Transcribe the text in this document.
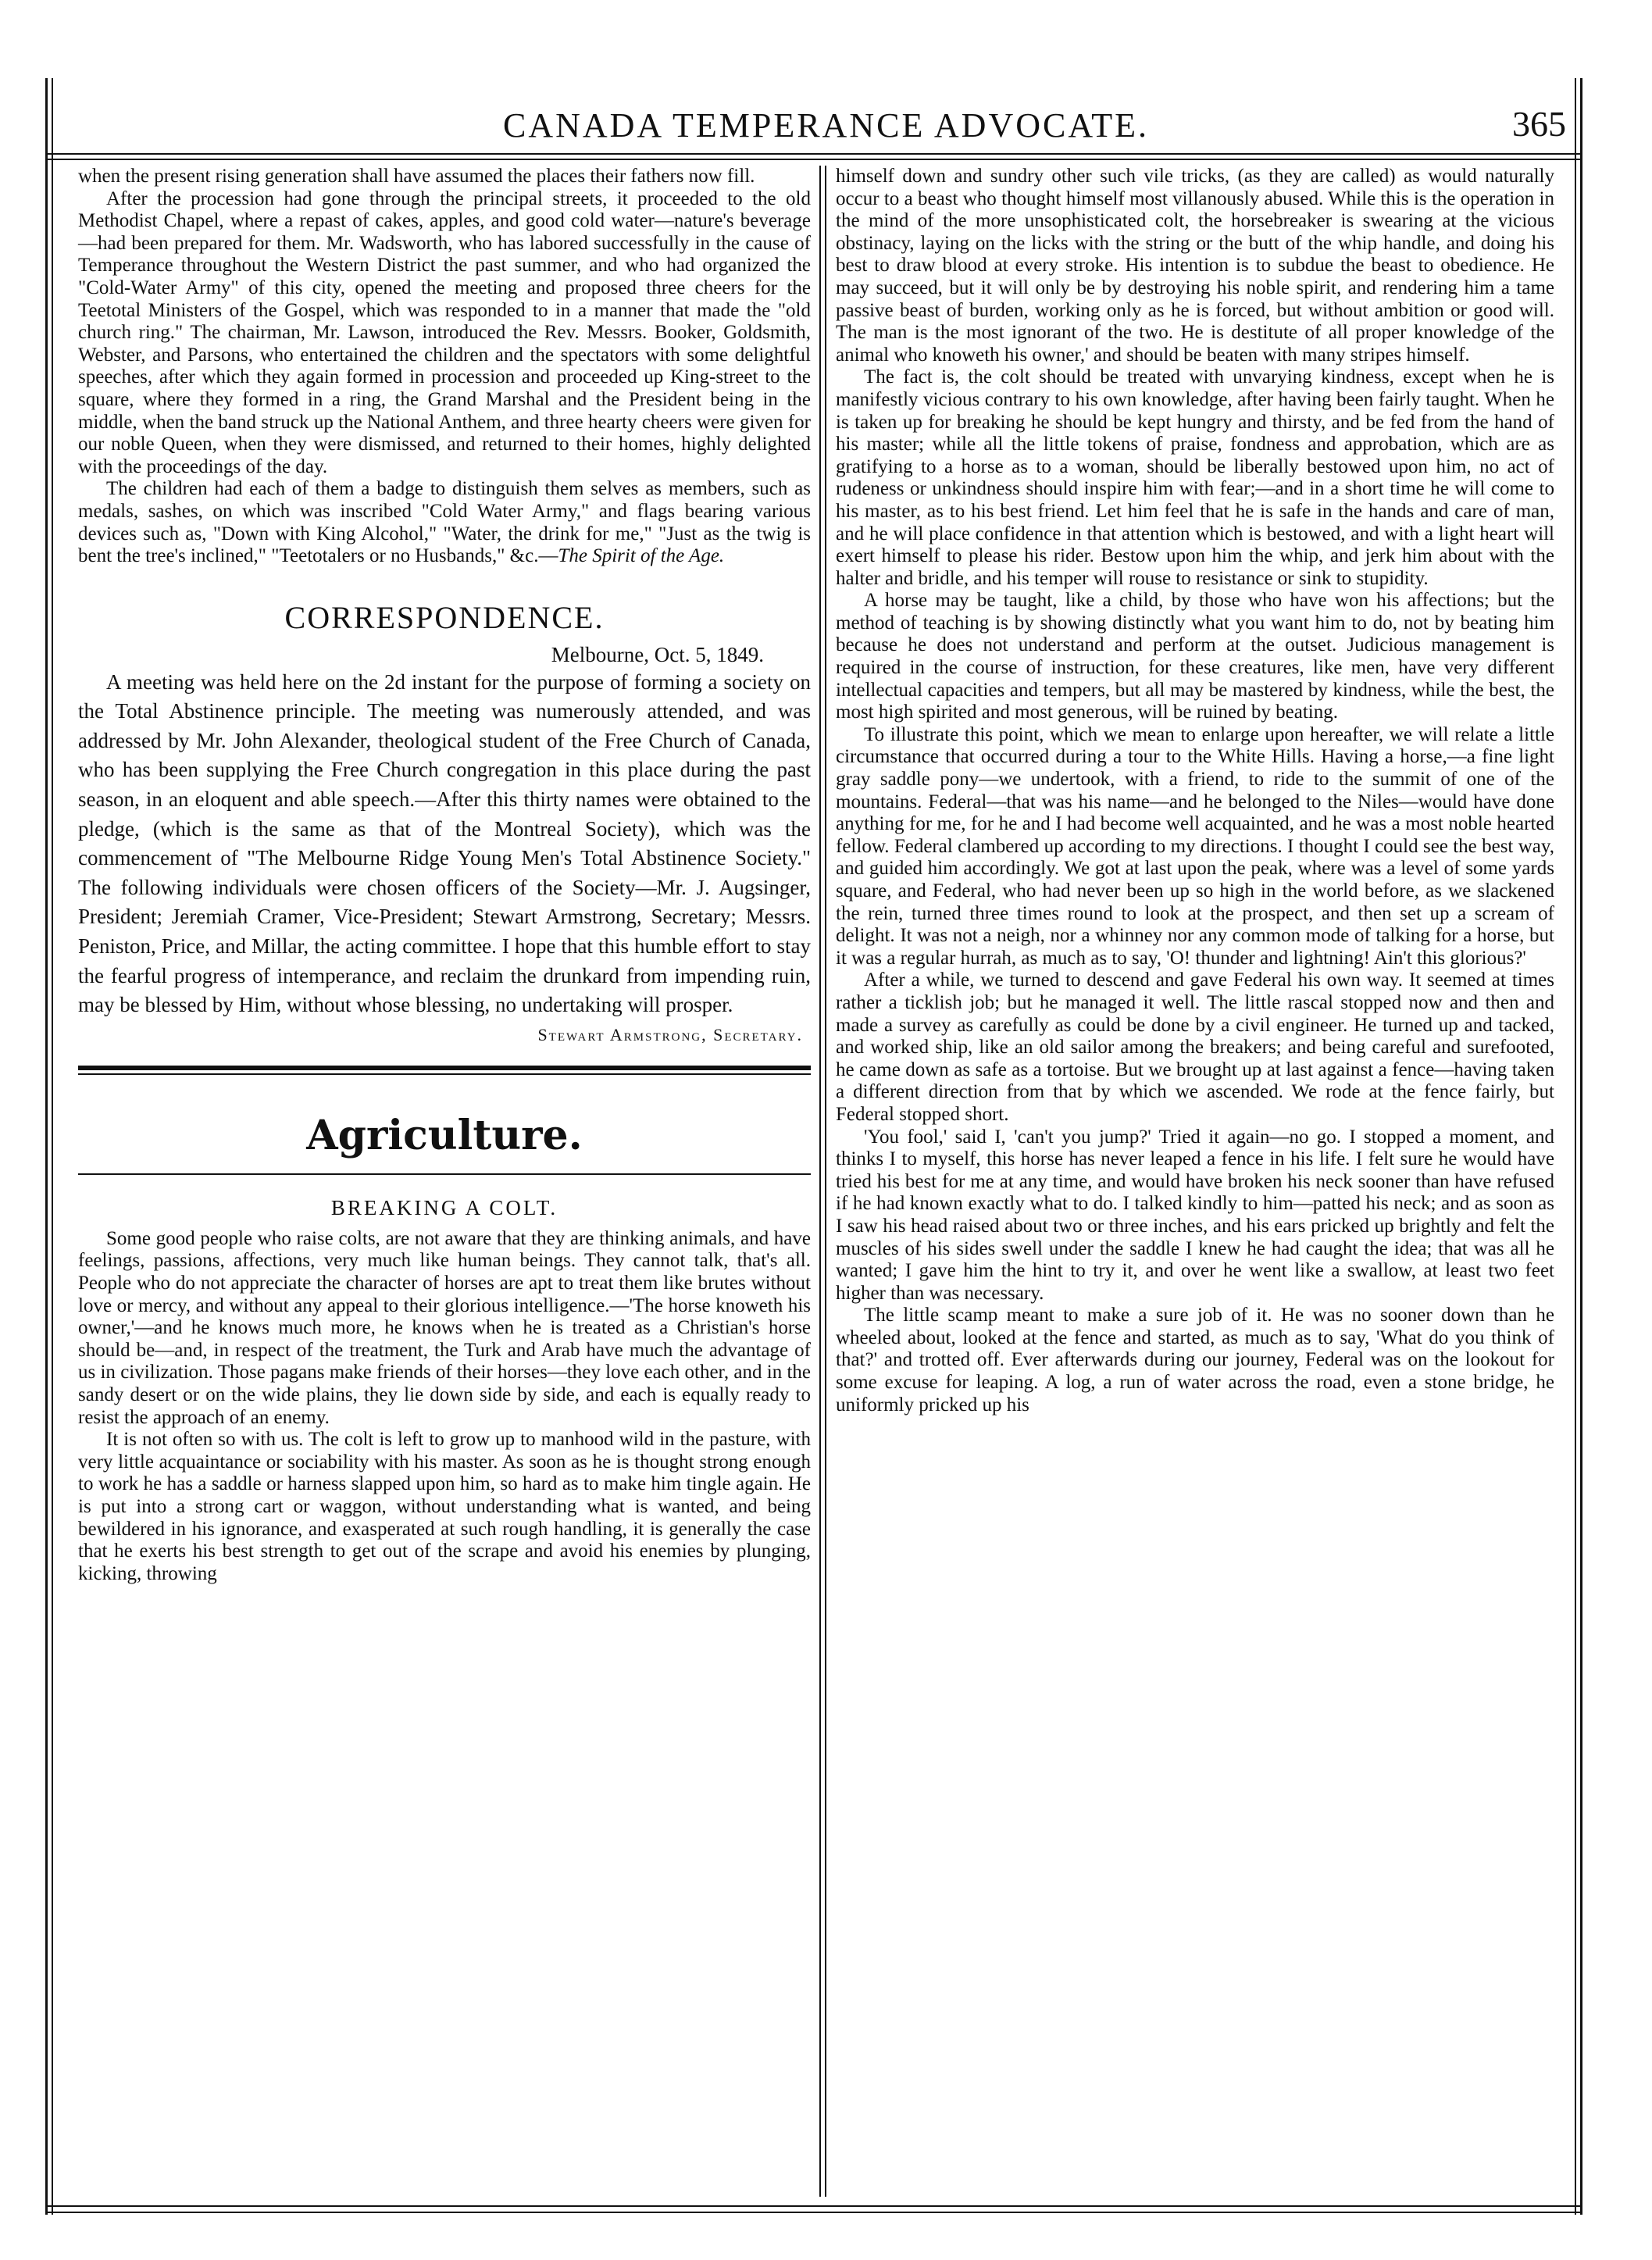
CANADA TEMPERANCE ADVOCATE.	365

when the present rising generation shall have assumed the places their fathers now fill.

After the procession had gone through the principal streets, it proceeded to the old Methodist Chapel, where a repast of cakes, apples, and good cold water—nature's beverage—had been prepared for them. Mr. Wadsworth, who has labored successfully in the cause of Temperance throughout the Western District the past summer, and who had organized the "Cold-Water Army" of this city, opened the meeting and proposed three cheers for the Teetotal Ministers of the Gospel, which was responded to in a manner that made the "old church ring." The chairman, Mr. Lawson, introduced the Rev. Messrs. Booker, Goldsmith, Webster, and Parsons, who entertained the children and the spectators with some delightful speeches, after which they again formed in procession and proceeded up King-street to the square, where they formed in a ring, the Grand Marshal and the President being in the middle, when the band struck up the National Anthem, and three hearty cheers were given for our noble Queen, when they were dismissed, and returned to their homes, highly delighted with the proceedings of the day.

The children had each of them a badge to distinguish them selves as members, such as medals, sashes, on which was inscribed "Cold Water Army," and flags bearing various devices such as, "Down with King Alcohol," "Water, the drink for me," "Just as the twig is bent the tree's inclined," "Teetotalers or no Husbands," &c.—The Spirit of the Age.

CORRESPONDENCE.
Melbourne, Oct. 5, 1849.

A meeting was held here on the 2d instant for the purpose of forming a society on the Total Abstinence principle. The meeting was numerously attended, and was addressed by Mr. John Alexander, theological student of the Free Church of Canada, who has been supplying the Free Church congregation in this place during the past season, in an eloquent and able speech.—After this thirty names were obtained to the pledge, (which is the same as that of the Montreal Society), which was the commencement of "The Melbourne Ridge Young Men's Total Abstinence Society." The following individuals were chosen officers of the Society—Mr. J. Augsinger, President; Jeremiah Cramer, Vice-President; Stewart Armstrong, Secretary; Messrs. Peniston, Price, and Millar, the acting committee. I hope that this humble effort to stay the fearful progress of intemperance, and reclaim the drunkard from impending ruin, may be blessed by Him, without whose blessing, no undertaking will prosper.

Stewart Armstrong, Secretary.
Agriculture.
BREAKING A COLT.

Some good people who raise colts, are not aware that they are thinking animals, and have feelings, passions, affections, very much like human beings. They cannot talk, that's all. People who do not appreciate the character of horses are apt to treat them like brutes without love or mercy, and without any appeal to their glorious intelligence.—'The horse knoweth his owner,'—and he knows much more, he knows when he is treated as a Christian's horse should be—and, in respect of the treatment, the Turk and Arab have much the advantage of us in civilization. Those pagans make friends of their horses—they love each other, and in the sandy desert or on the wide plains, they lie down side by side, and each is equally ready to resist the approach of an enemy.

It is not often so with us. The colt is left to grow up to manhood wild in the pasture, with very little acquaintance or sociability with his master. As soon as he is thought strong enough to work he has a saddle or harness slapped upon him, so hard as to make him tingle again. He is put into a strong cart or waggon, without understanding what is wanted, and being bewildered in his ignorance, and exasperated at such rough handling, it is generally the case that he exerts his best strength to get out of the scrape and avoid his enemies by plunging, kicking, throwing

himself down and sundry other such vile tricks, (as they are called) as would naturally occur to a beast who thought himself most villanously abused. While this is the operation in the mind of the more unsophisticated colt, the horsebreaker is swearing at the vicious obstinacy, laying on the licks with the string or the butt of the whip handle, and doing his best to draw blood at every stroke. His intention is to subdue the beast to obedience. He may succeed, but it will only be by destroying his noble spirit, and rendering him a tame passive beast of burden, working only as he is forced, but without ambition or good will. The man is the most ignorant of the two. He is destitute of all proper knowledge of the animal who knoweth his owner,' and should be beaten with many stripes himself.

The fact is, the colt should be treated with unvarying kindness, except when he is manifestly vicious contrary to his own knowledge, after having been fairly taught. When he is taken up for breaking he should be kept hungry and thirsty, and be fed from the hand of his master; while all the little tokens of praise, fondness and approbation, which are as gratifying to a horse as to a woman, should be liberally bestowed upon him, no act of rudeness or unkindness should inspire him with fear;—and in a short time he will come to his master, as to his best friend. Let him feel that he is safe in the hands and care of man, and he will place confidence in that attention which is bestowed, and with a light heart will exert himself to please his rider. Bestow upon him the whip, and jerk him about with the halter and bridle, and his temper will rouse to resistance or sink to stupidity.

A horse may be taught, like a child, by those who have won his affections; but the method of teaching is by showing distinctly what you want him to do, not by beating him because he does not understand and perform at the outset. Judicious management is required in the course of instruction, for these creatures, like men, have very different intellectual capacities and tempers, but all may be mastered by kindness, while the best, the most high spirited and most generous, will be ruined by beating.

To illustrate this point, which we mean to enlarge upon hereafter, we will relate a little circumstance that occurred during a tour to the White Hills. Having a horse,—a fine light gray saddle pony—we undertook, with a friend, to ride to the summit of one of the mountains. Federal—that was his name—and he belonged to the Niles—would have done anything for me, for he and I had become well acquainted, and he was a most noble hearted fellow. Federal clambered up according to my directions. I thought I could see the best way, and guided him accordingly. We got at last upon the peak, where was a level of some yards square, and Federal, who had never been up so high in the world before, as we slackened the rein, turned three times round to look at the prospect, and then set up a scream of delight. It was not a neigh, nor a whinney nor any common mode of talking for a horse, but it was a regular hurrah, as much as to say, 'O! thunder and lightning! Ain't this glorious?'

After a while, we turned to descend and gave Federal his own way. It seemed at times rather a ticklish job; but he managed it well. The little rascal stopped now and then and made a survey as carefully as could be done by a civil engineer. He turned up and tacked, and worked ship, like an old sailor among the breakers; and being careful and surefooted, he came down as safe as a tortoise. But we brought up at last against a fence—having taken a different direction from that by which we ascended. We rode at the fence fairly, but Federal stopped short.

'You fool,' said I, 'can't you jump?' Tried it again—no go. I stopped a moment, and thinks I to myself, this horse has never leaped a fence in his life. I felt sure he would have tried his best for me at any time, and would have broken his neck sooner than have refused if he had known exactly what to do. I talked kindly to him—patted his neck; and as soon as I saw his head raised about two or three inches, and his ears pricked up brightly and felt the muscles of his sides swell under the saddle I knew he had caught the idea; that was all he wanted; I gave him the hint to try it, and over he went like a swallow, at least two feet higher than was necessary.

The little scamp meant to make a sure job of it. He was no sooner down than he wheeled about, looked at the fence and started, as much as to say, 'What do you think of that?' and trotted off. Ever afterwards during our journey, Federal was on the lookout for some excuse for leaping. A log, a run of water across the road, even a stone bridge, he uniformly pricked up his
